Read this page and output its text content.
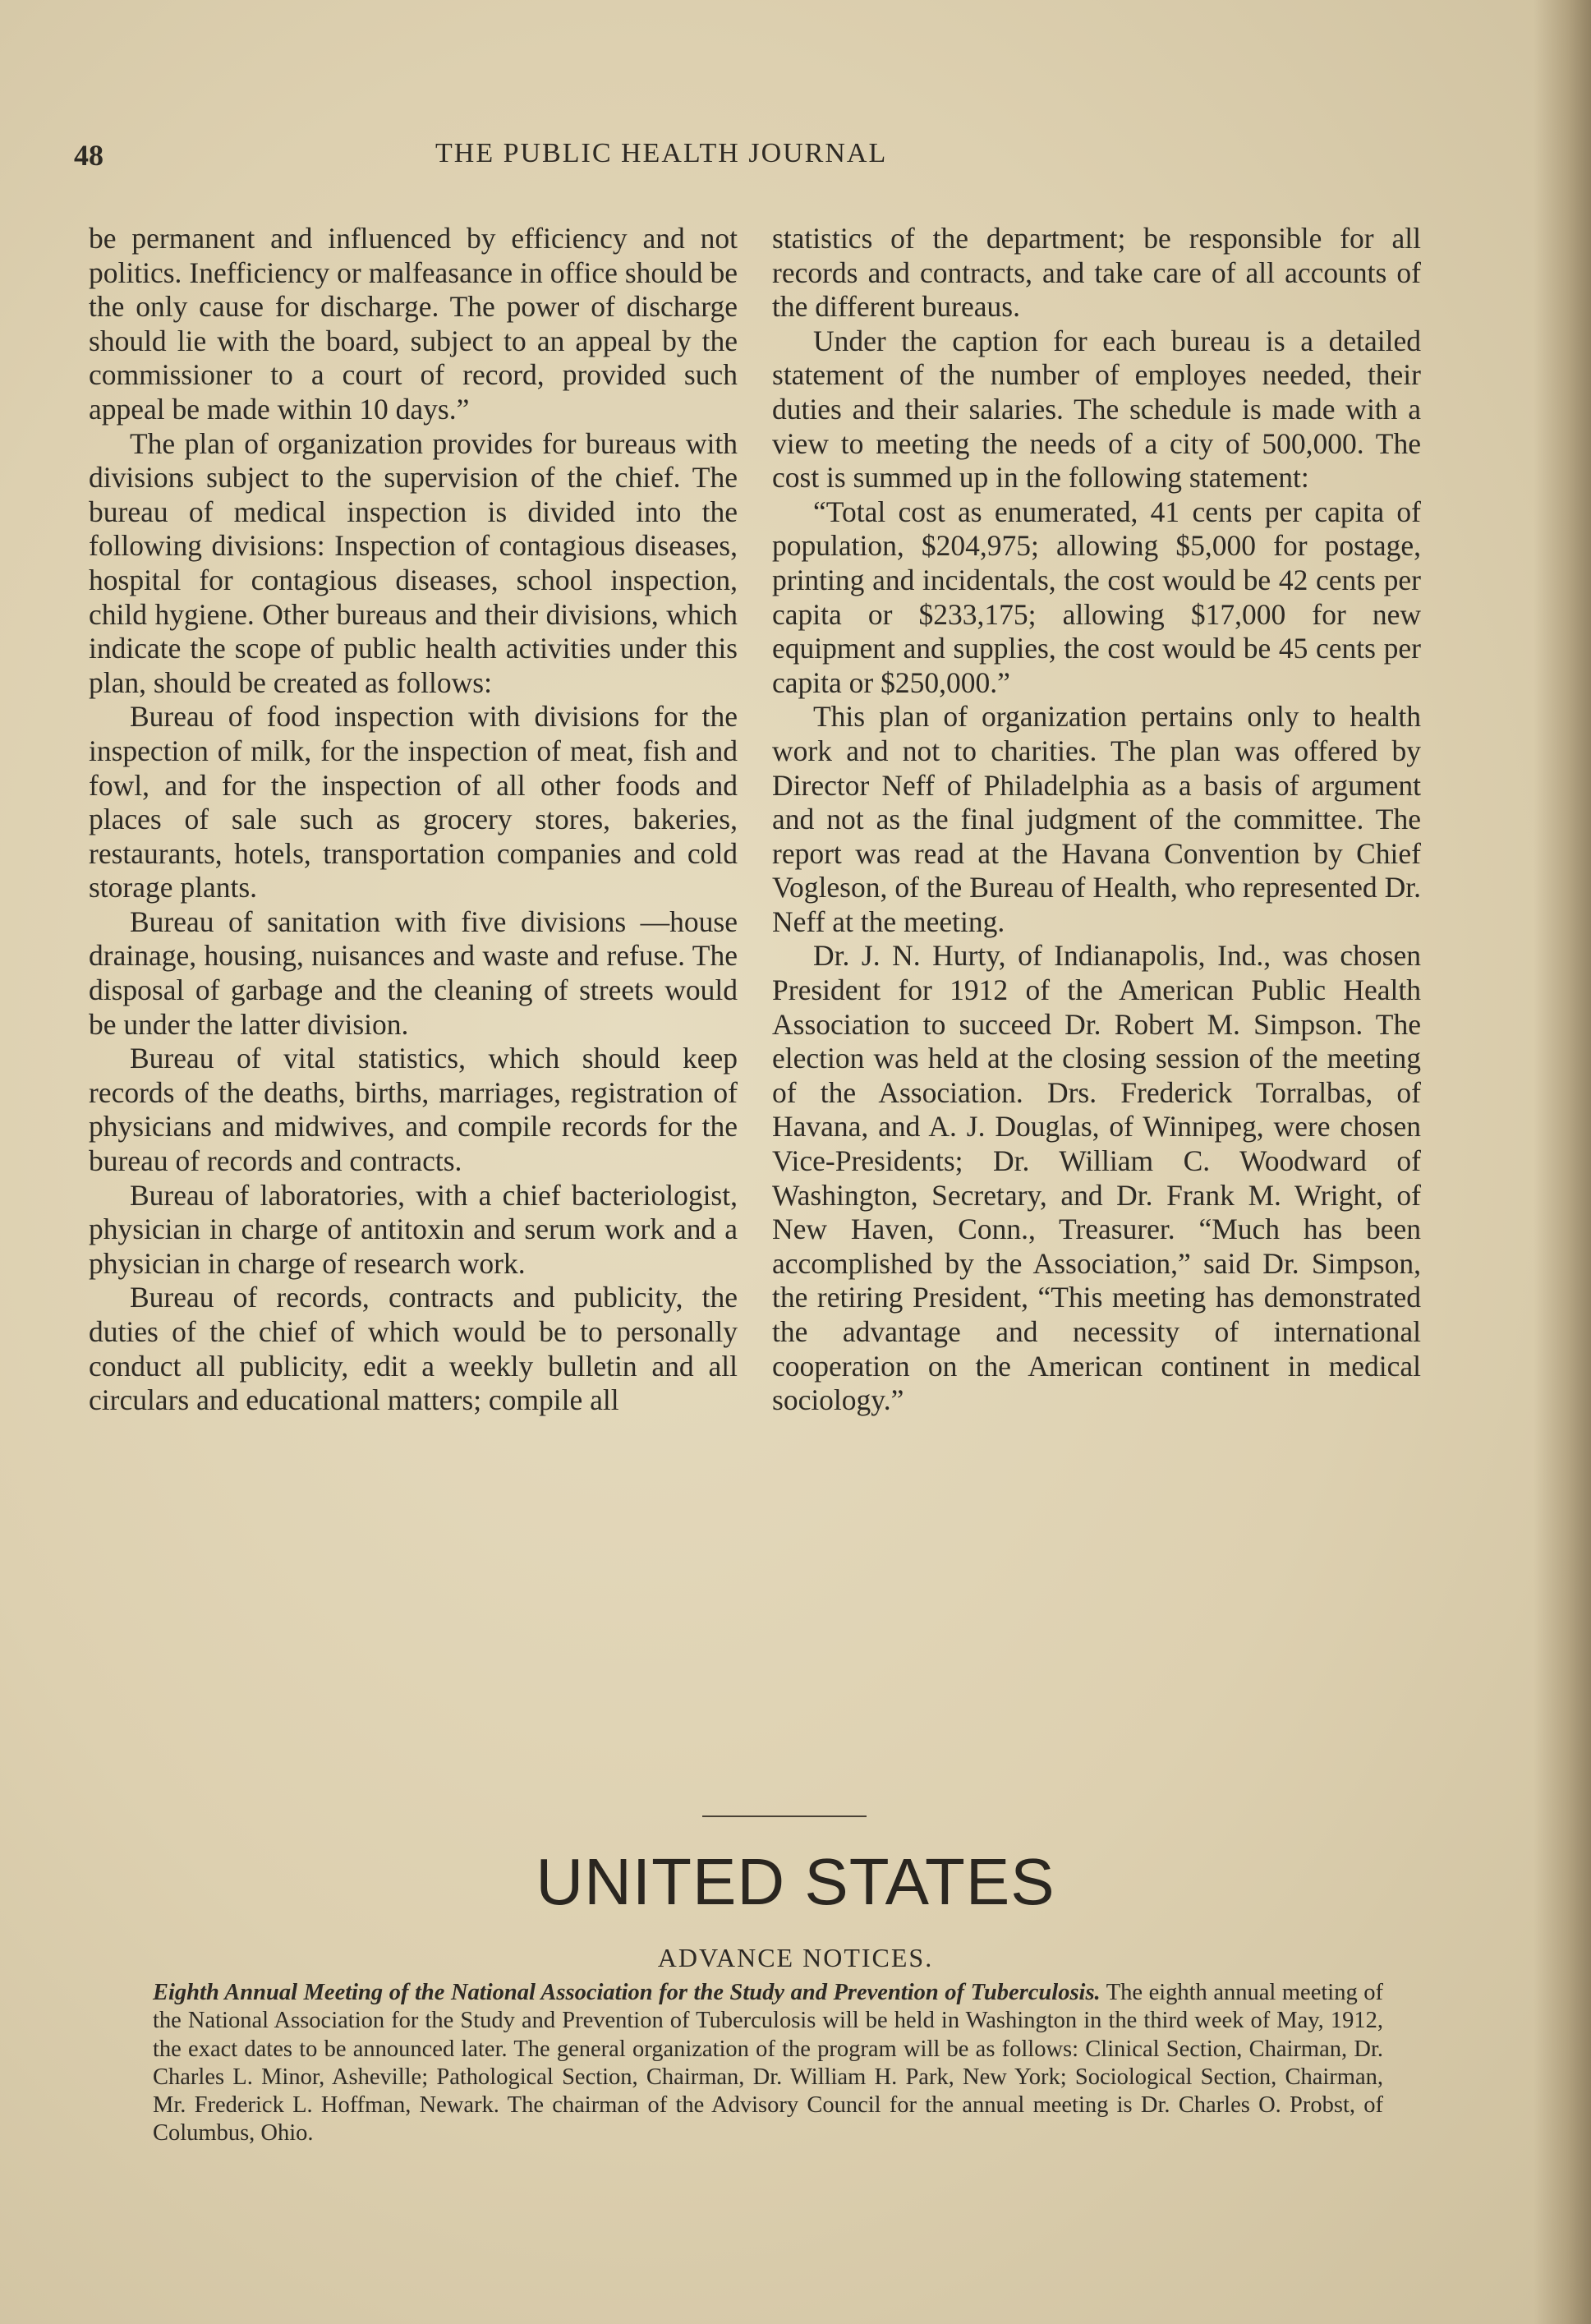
48	THE PUBLIC HEALTH JOURNAL

be permanent and influenced by efficiency and not politics. Inefficiency or malfeasance in office should be the only cause for discharge. The power of discharge should lie with the board, subject to an appeal by the commissioner to a court of record, provided such appeal be made within 10 days.”

The plan of organization provides for bureaus with divisions subject to the supervision of the chief. The bureau of medical inspection is divided into the following divisions: Inspection of contagious diseases, hospital for contagious diseases, school inspection, child hygiene. Other bureaus and their divisions, which indicate the scope of public health activities under this plan, should be created as follows:

Bureau of food inspection with divisions for the inspection of milk, for the inspection of meat, fish and fowl, and for the inspection of all other foods and places of sale such as grocery stores, bakeries, restaurants, hotels, transportation companies and cold storage plants.

Bureau of sanitation with five divisions —house drainage, housing, nuisances and waste and refuse. The disposal of garbage and the cleaning of streets would be under the latter division.

Bureau of vital statistics, which should keep records of the deaths, births, marriages, registration of physicians and midwives, and compile records for the bureau of records and contracts.

Bureau of laboratories, with a chief bacteriologist, physician in charge of antitoxin and serum work and a physician in charge of research work.

Bureau of records, contracts and publicity, the duties of the chief of which would be to personally conduct all publicity, edit a weekly bulletin and all circulars and educational matters; compile all

statistics of the department; be responsible for all records and contracts, and take care of all accounts of the different bureaus.

Under the caption for each bureau is a detailed statement of the number of employes needed, their duties and their salaries. The schedule is made with a view to meeting the needs of a city of 500,000. The cost is summed up in the following statement:

“Total cost as enumerated, 41 cents per capita of population, $204,975; allowing $5,000 for postage, printing and incidentals, the cost would be 42 cents per capita or $233,175; allowing $17,000 for new equipment and supplies, the cost would be 45 cents per capita or $250,000.”

This plan of organization pertains only to health work and not to charities. The plan was offered by Director Neff of Philadelphia as a basis of argument and not as the final judgment of the committee. The report was read at the Havana Convention by Chief Vogleson, of the Bureau of Health, who represented Dr. Neff at the meeting.

Dr. J. N. Hurty, of Indianapolis, Ind., was chosen President for 1912 of the American Public Health Association to succeed Dr. Robert M. Simpson. The election was held at the closing session of the meeting of the Association. Drs. Frederick Torralbas, of Havana, and A. J. Douglas, of Winnipeg, were chosen Vice-Presidents; Dr. William C. Woodward of Washington, Secretary, and Dr. Frank M. Wright, of New Haven, Conn., Treasurer. “Much has been accomplished by the Association,” said Dr. Simpson, the retiring President, “This meeting has demonstrated the advantage and necessity of international cooperation on the American continent in medical sociology.”

UNITED STATES
ADVANCE NOTICES.
Eighth Annual Meeting of the National Association for the Study and Prevention of Tuberculosis. The eighth annual meeting of the National Association for the Study and Prevention of Tuberculosis will be held in Washington in the third week of May, 1912, the exact dates to be announced later. The general organization of the program will be as follows: Clinical Section, Chairman, Dr. Charles L. Minor, Asheville; Pathological Section, Chairman, Dr. William H. Park, New York; Sociological Section, Chairman, Mr. Frederick L. Hoffman, Newark. The chairman of the Advisory Council for the annual meeting is Dr. Charles O. Probst, of Columbus, Ohio.
